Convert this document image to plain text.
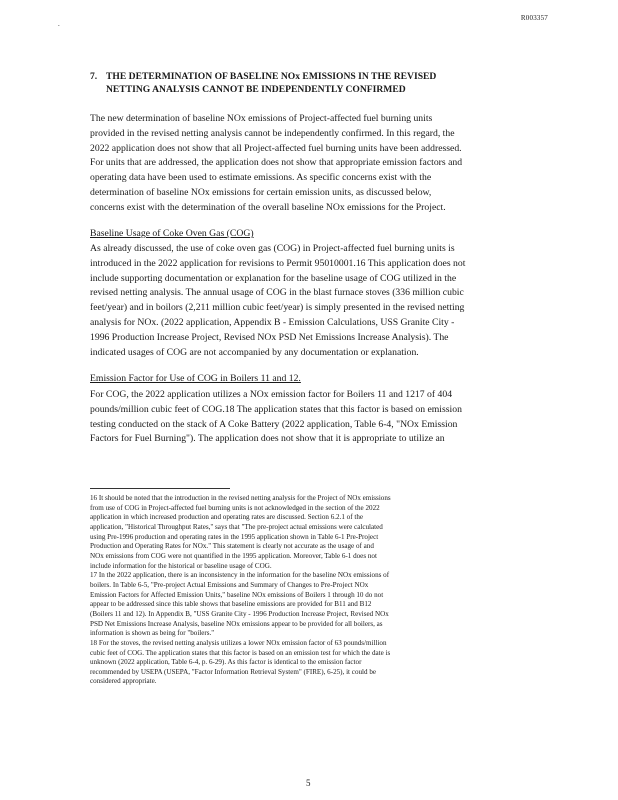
.
R003357
7. THE DETERMINATION OF BASELINE NOx EMISSIONS IN THE REVISED
NETTING ANALYSIS CANNOT BE INDEPENDENTLY CONFIRMED
The new determination of baseline NOx emissions of Project-affected fuel burning units
provided in the revised netting analysis cannot be independently confirmed. In this regard, the
2022 application does not show that all Project-affected fuel burning units have been addressed.
For units that are addressed, the application does not show that appropriate emission factors and
operating data have been used to estimate emissions. As specific concerns exist with the
determination of baseline NOx emissions for certain emission units, as discussed below,
concerns exist with the determination of the overall baseline NOx emissions for the Project.
Baseline Usage of Coke Oven Gas (COG)
As already discussed, the use of coke oven gas (COG) in Project-affected fuel burning units is
introduced in the 2022 application for revisions to Permit 95010001.16 This application does not
include supporting documentation or explanation for the baseline usage of COG utilized in the
revised netting analysis. The annual usage of COG in the blast furnace stoves (336 million cubic
feet/year) and in boilors (2,211 million cubic feet/year) is simply presented in the revised netting
analysis for NOx. (2022 application, Appendix B - Emission Calculations, USS Granite City -
1996 Production Increase Project, Revised NOx PSD Net Emissions Increase Analysis). The
indicated usages of COG are not accompanied by any documentation or explanation.
Emission Factor for Use of COG in Boilers 11 and 12.
For COG, the 2022 application utilizes a NOx emission factor for Boilers 11 and 1217 of 404
pounds/million cubic feet of COG.18 The application states that this factor is based on emission
testing conducted on the stack of A Coke Battery (2022 application, Table 6-4, "NOx Emission
Factors for Fuel Burning"). The application does not show that it is appropriate to utilize an
16 It should be noted that the introduction in the revised netting analysis for the Project of NOx emissions
from use of COG in Project-affected fuel burning units is not acknowledged in the section of the 2022
application in which increased production and operating rates are discussed. Section 6.2.1 of the
application, "Historical Throughput Rates," says that "The pre-project actual emissions were calculated
using Pre-1996 production and operating rates in the 1995 application shown in Table 6-1 Pre-Project
Production and Operating Rates for NOx." This statement is clearly not accurate as the usage of and
NOx emissions from COG were not quantified in the 1995 application. Moreover, Table 6-1 does not
include information for the historical or baseline usage of COG.
17 In the 2022 application, there is an inconsistency in the information for the baseline NOx emissions of
boilers. In Table 6-5, "Pre-project Actual Emissions and Summary of Changes to Pre-Project NOx
Emission Factors for Affected Emission Units," baseline NOx emissions of Boilers 1 through 10 do not
appear to be addressed since this table shows that baseline emissions are provided for B11 and B12
(Boilers 11 and 12). In Appendix B, "USS Granite City - 1996 Production Increase Project, Revised NOx
PSD Net Emissions Increase Analysis, baseline NOx emissions appear to be provided for all boilers, as
information is shown as being for "boilers."
18 For the stoves, the revised netting analysis utilizes a lower NOx emission factor of 63 pounds/million
cubic feet of COG. The application states that this factor is based on an emission test for which the date is
unknown (2022 application, Table 6-4, p. 6-29). As this factor is identical to the emission factor
recommended by USEPA (USEPA, "Factor Information Retrieval System" (FIRE), 6-25), it could be
considered appropriate.
5
